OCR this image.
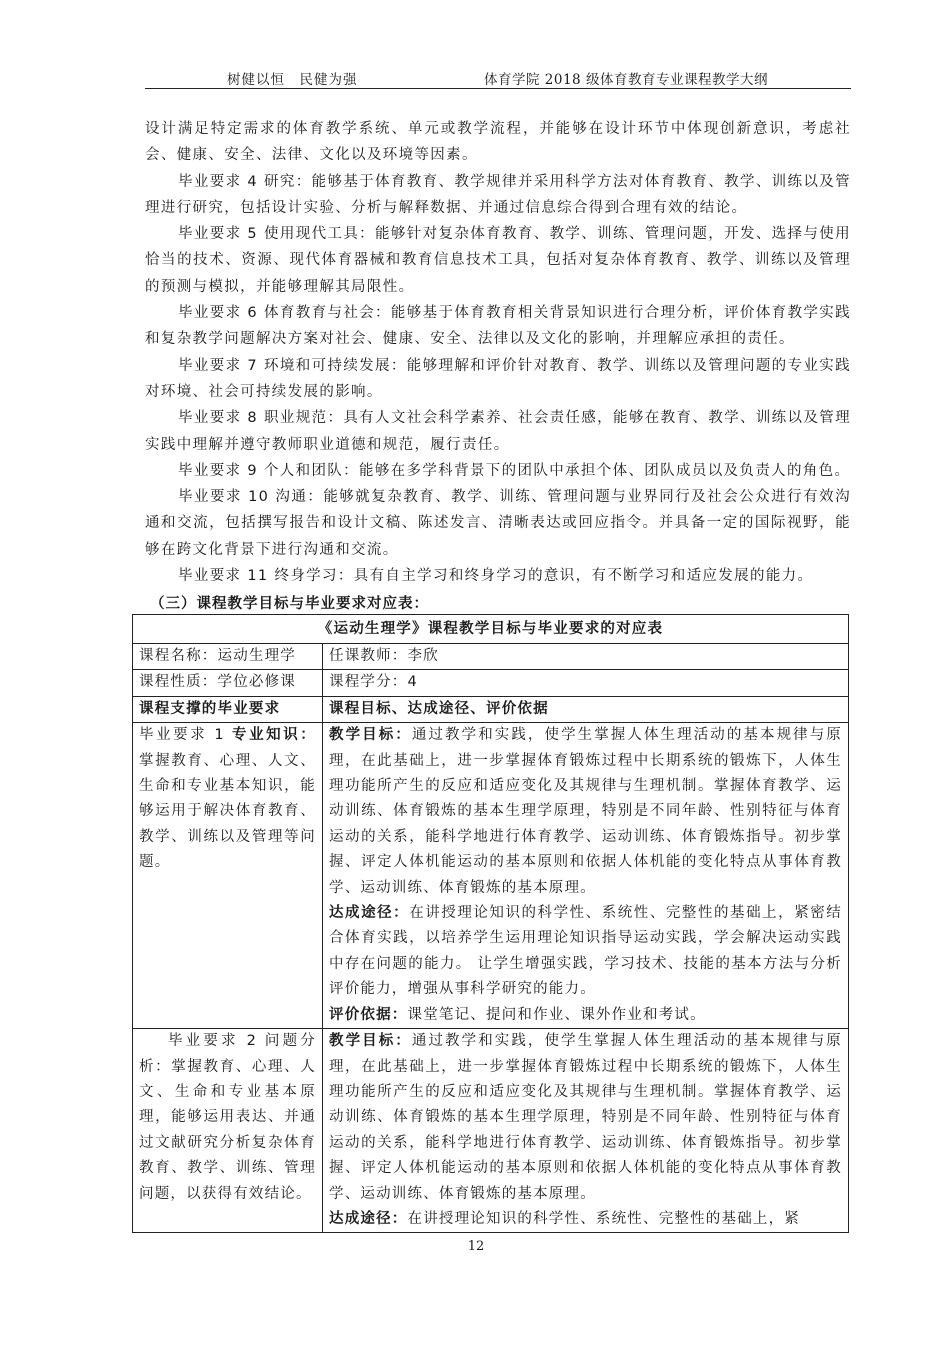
树健以恒　民健为强	体育学院 2018 级体育教育专业课程教学大纲

设计满足特定需求的体育教学系统、单元或教学流程，并能够在设计环节中体现创新意识，考虑社会、健康、安全、法律、文化以及环境等因素。

毕业要求 4 研究：能够基于体育教育、教学规律并采用科学方法对体育教育、教学、训练以及管理进行研究，包括设计实验、分析与解释数据、并通过信息综合得到合理有效的结论。

毕业要求 5 使用现代工具：能够针对复杂体育教育、教学、训练、管理问题，开发、选择与使用恰当的技术、资源、现代体育器械和教育信息技术工具，包括对复杂体育教育、教学、训练以及管理的预测与模拟，并能够理解其局限性。

毕业要求 6 体育教育与社会：能够基于体育教育相关背景知识进行合理分析，评价体育教学实践和复杂教学问题解决方案对社会、健康、安全、法律以及文化的影响，并理解应承担的责任。

毕业要求 7 环境和可持续发展：能够理解和评价针对教育、教学、训练以及管理问题的专业实践对环境、社会可持续发展的影响。

毕业要求 8 职业规范：具有人文社会科学素养、社会责任感，能够在教育、教学、训练以及管理实践中理解并遵守教师职业道德和规范，履行责任。

毕业要求 9 个人和团队：能够在多学科背景下的团队中承担个体、团队成员以及负责人的角色。

毕业要求 10 沟通：能够就复杂教育、教学、训练、管理问题与业界同行及社会公众进行有效沟通和交流，包括撰写报告和设计文稿、陈述发言、清晰表达或回应指令。并具备一定的国际视野，能够在跨文化背景下进行沟通和交流。

毕业要求 11 终身学习：具有自主学习和终身学习的意识，有不断学习和适应发展的能力。

（三）课程教学目标与毕业要求对应表：
《运动生理学》课程教学目标与毕业要求的对应表	
课程名称：运动生理学	任课教师：李欣
课程性质：学位必修课	课程学分：4
课程支撑的毕业要求	课程目标、达成途径、评价依据
毕业要求 1 专业知识：掌握教育、心理、人文、生命和专业基本知识，能够运用于解决体育教育、教学、训练以及管理等问题。	教学目标：通过教学和实践，使学生掌握人体生理活动的基本规律与原理，在此基础上，进一步掌握体育锻炼过程中长期系统的锻炼下，人体生理功能所产生的反应和适应变化及其规律与生理机制。掌握体育教学、运动训练、体育锻炼的基本生理学原理，特别是不同年龄、性别特征与体育运动的关系，能科学地进行体育教学、运动训练、体育锻炼指导。初步掌握、评定人体机能运动的基本原则和依据人体机能的变化特点从事体育教学、运动训练、体育锻炼的基本原理。

达成途径：在讲授理论知识的科学性、系统性、完整性的基础上，紧密结合体育实践，以培养学生运用理论知识指导运动实践，学会解决运动实践中存在问题的能力。 让学生增强实践，学习技术、技能的基本方法与分析评价能力，增强从事科学研究的能力。

评价依据：课堂笔记、提问和作业、课外作业和考试。

毕业要求 2 问题分析：掌握教育、心理、人文、生命和专业基本原理，能够运用表达、并通过文献研究分析复杂体育教育、教学、训练、管理问题，以获得有效结论。	教学目标：通过教学和实践，使学生掌握人体生理活动的基本规律与原理，在此基础上，进一步掌握体育锻炼过程中长期系统的锻炼下，人体生理功能所产生的反应和适应变化及其规律与生理机制。掌握体育教学、运动训练、体育锻炼的基本生理学原理，特别是不同年龄、性别特征与体育运动的关系，能科学地进行体育教学、运动训练、体育锻炼指导。初步掌握、评定人体机能运动的基本原则和依据人体机能的变化特点从事体育教学、运动训练、体育锻炼的基本原理。

达成途径：在讲授理论知识的科学性、系统性、完整性的基础上，紧

12
